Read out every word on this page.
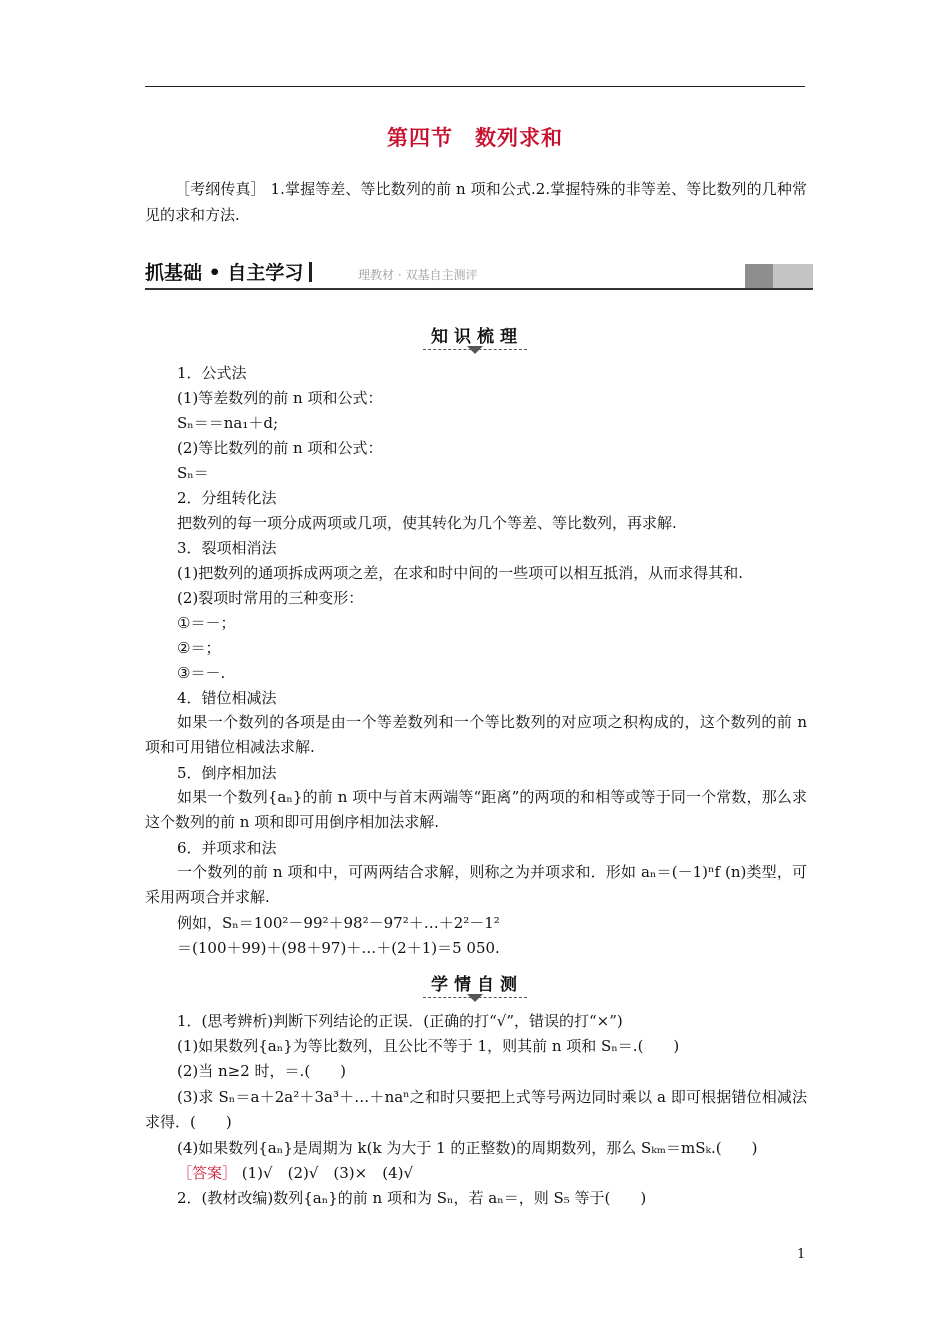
第四节 数列求和
［考纲传真］ 1.掌握等差、等比数列的前 n 项和公式.2.掌握特殊的非等差、等比数列的几种常见的求和方法.
抓基础 • 自主学习	理教材 · 双基自主测评
知识梳理
1．公式法
(1)等差数列的前 n 项和公式：
Sₙ＝＝na₁＋d;
(2)等比数列的前 n 项和公式：
Sₙ＝
2．分组转化法
把数列的每一项分成两项或几项，使其转化为几个等差、等比数列，再求解.
3．裂项相消法
(1)把数列的通项拆成两项之差，在求和时中间的一些项可以相互抵消，从而求得其和.
(2)裂项时常用的三种变形：
①＝－；
②＝；
③＝－.
4．错位相减法
如果一个数列的各项是由一个等差数列和一个等比数列的对应项之积构成的，这个数列的前 n 项和可用错位相减法求解.
5．倒序相加法
如果一个数列{aₙ}的前 n 项中与首末两端等“距离”的两项的和相等或等于同一个常数，那么求这个数列的前 n 项和即可用倒序相加法求解.
6．并项求和法
一个数列的前 n 项和中，可两两结合求解，则称之为并项求和．形如 aₙ＝(－1)ⁿf (n)类型，可采用两项合并求解.
例如，Sₙ＝100²－99²＋98²－97²＋…＋2²－1²
＝(100＋99)＋(98＋97)＋…＋(2＋1)＝5 050.
学情自测
1．(思考辨析)判断下列结论的正误．(正确的打“√”，错误的打“×”)
(1)如果数列{aₙ}为等比数列，且公比不等于 1，则其前 n 项和 Sₙ＝.(　　)
(2)当 n≥2 时，＝.(　　)
(3)求 Sₙ＝a＋2a²＋3a³＋…＋naⁿ之和时只要把上式等号两边同时乘以 a 即可根据错位相减法求得．(　　)
(4)如果数列{aₙ}是周期为 k(k 为大于 1 的正整数)的周期数列，那么 Sₖₘ＝mSₖ.(　　)
［答案］ (1)√　(2)√　(3)×　(4)√
2．(教材改编)数列{aₙ}的前 n 项和为 Sₙ，若 aₙ＝，则 S₅ 等于(　　)
1
